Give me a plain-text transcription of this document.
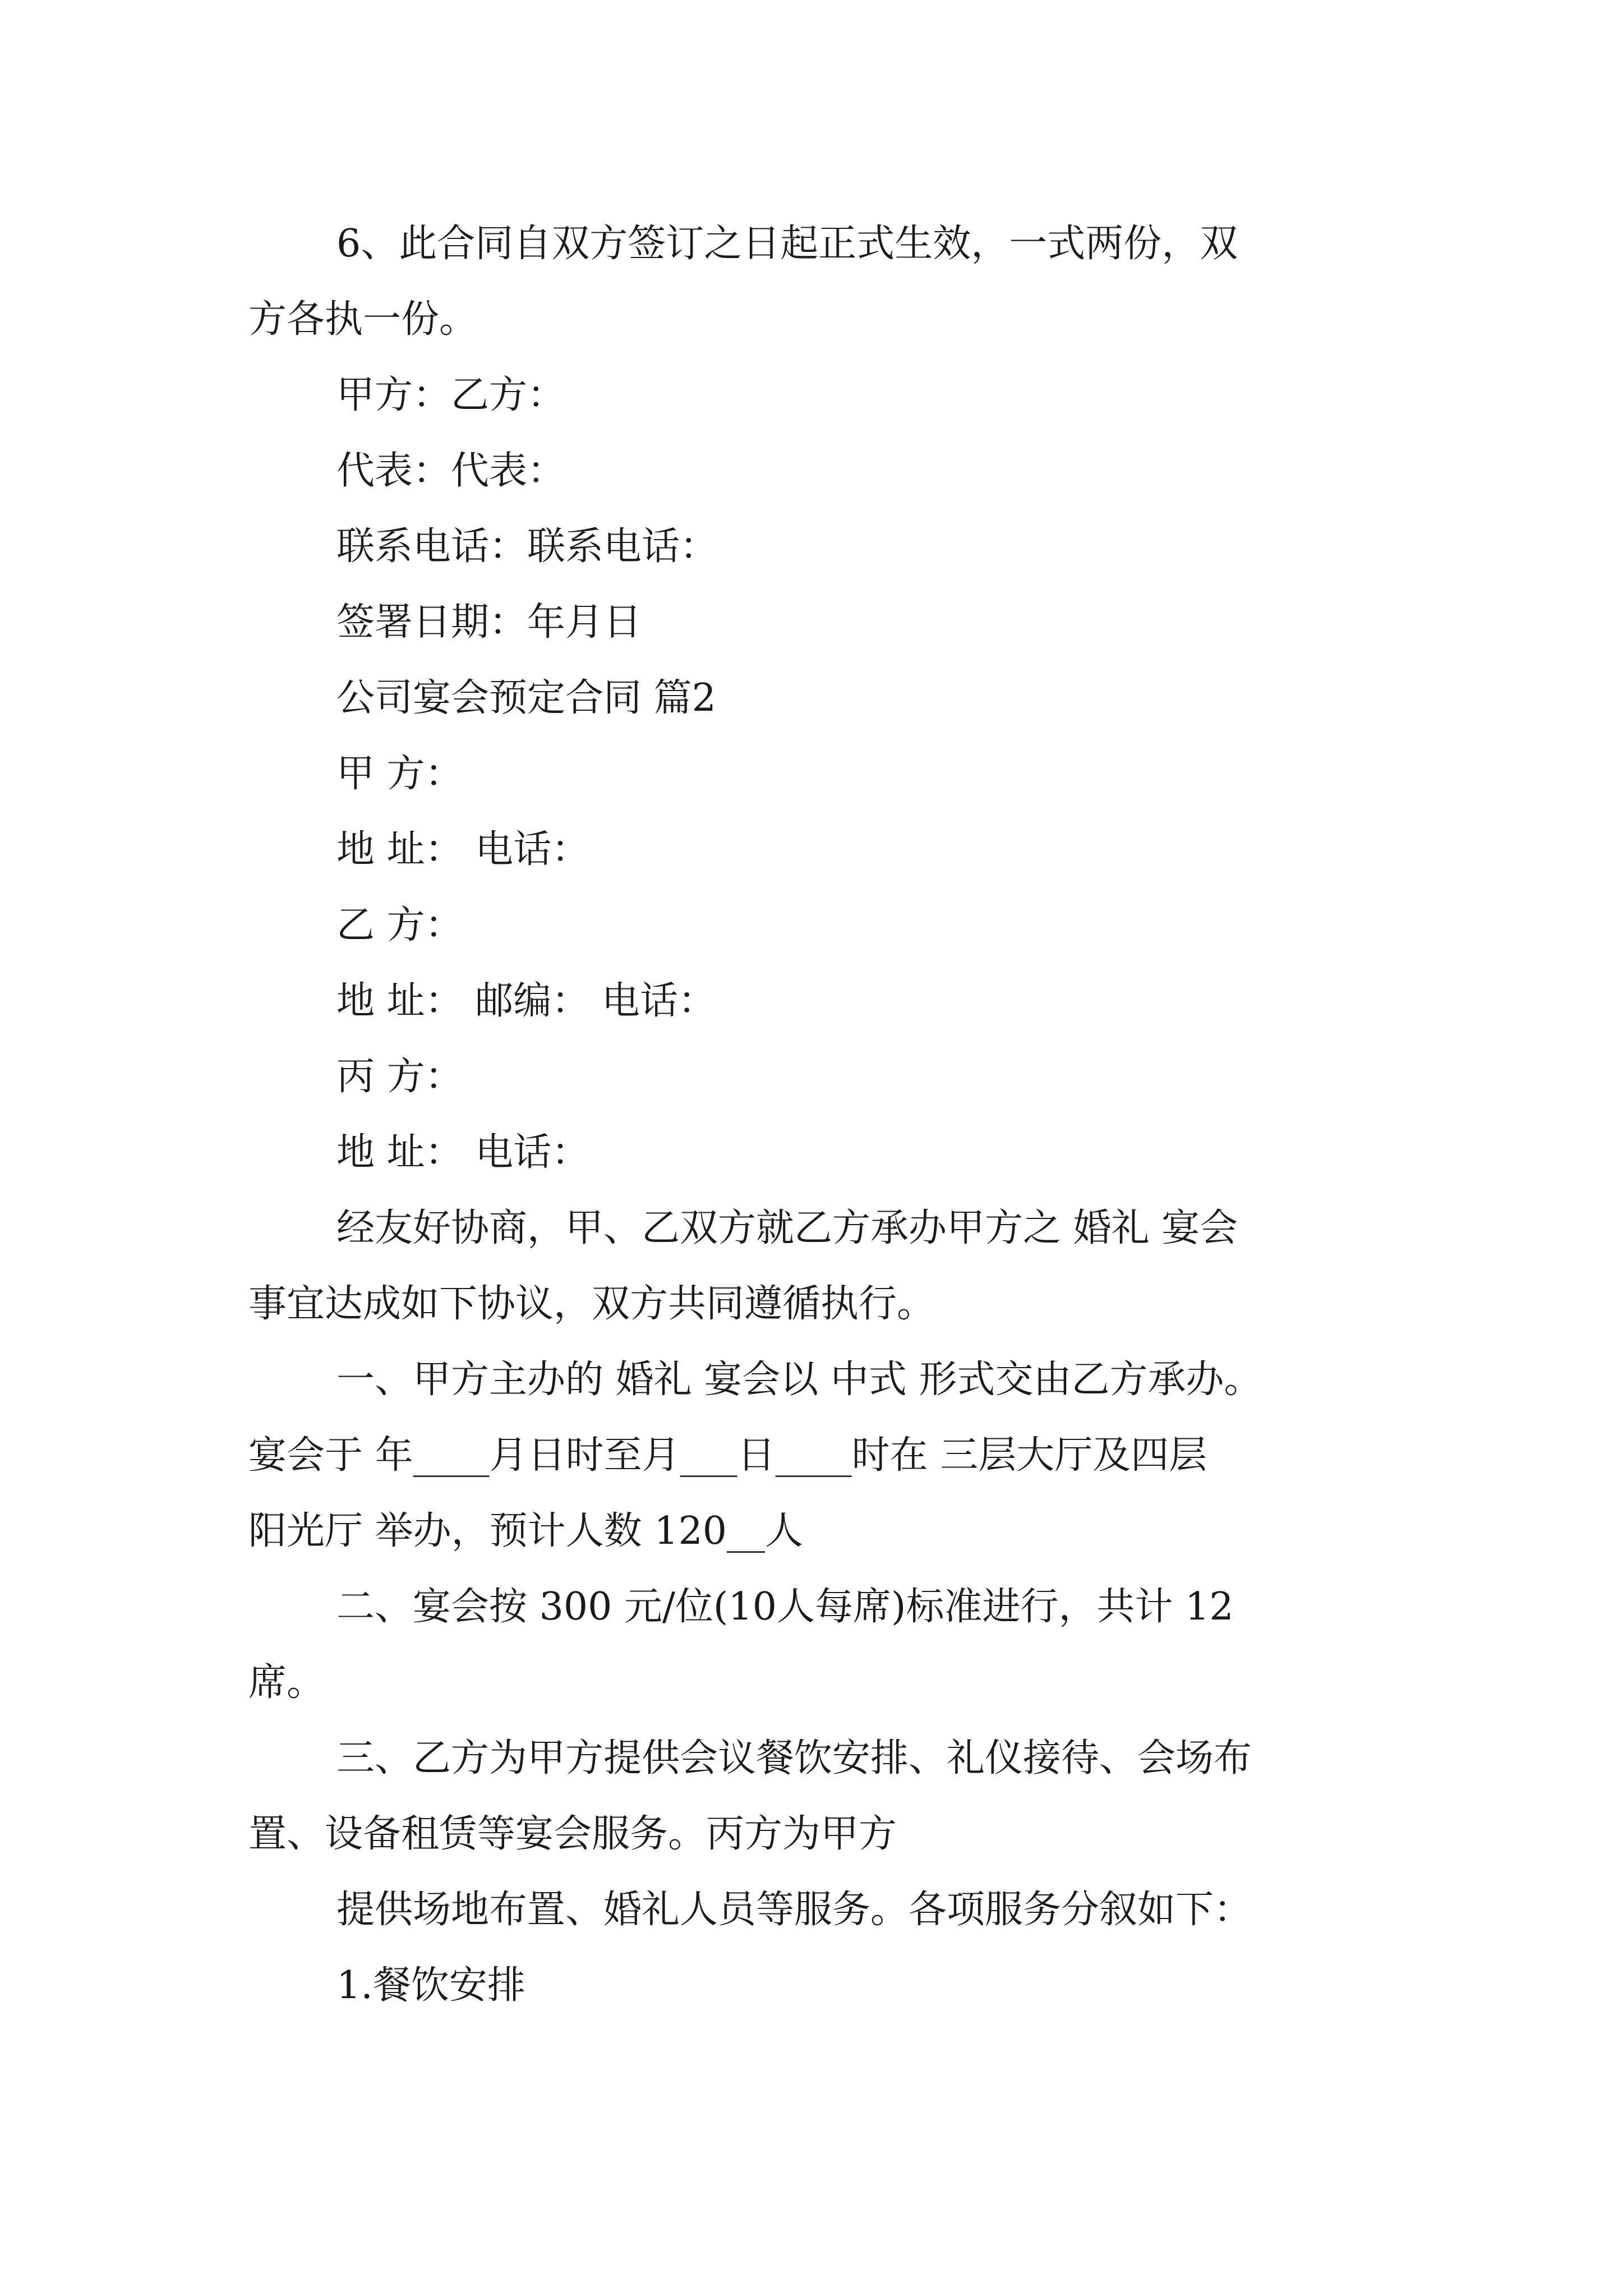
6、此合同自双方签订之日起正式生效，一式两份，双
方各执一份。
甲方：乙方：
代表：代表：
联系电话：联系电话：
签署日期：年月日
公司宴会预定合同 篇2
甲 方：
地 址： 电话：
乙 方：
地 址： 邮编： 电话：
丙 方：
地 址： 电话：
经友好协商，甲、乙双方就乙方承办甲方之 婚礼 宴会
事宜达成如下协议，双方共同遵循执行。
一、甲方主办的 婚礼 宴会以 中式 形式交由乙方承办。
宴会于 年____月日时至月___日____时在 三层大厅及四层
阳光厅 举办，预计人数 120__人
二、宴会按 300 元/位(10人每席)标准进行，共计 12
席。
三、乙方为甲方提供会议餐饮安排、礼仪接待、会场布
置、设备租赁等宴会服务。丙方为甲方
提供场地布置、婚礼人员等服务。各项服务分叙如下：
1.餐饮安排
